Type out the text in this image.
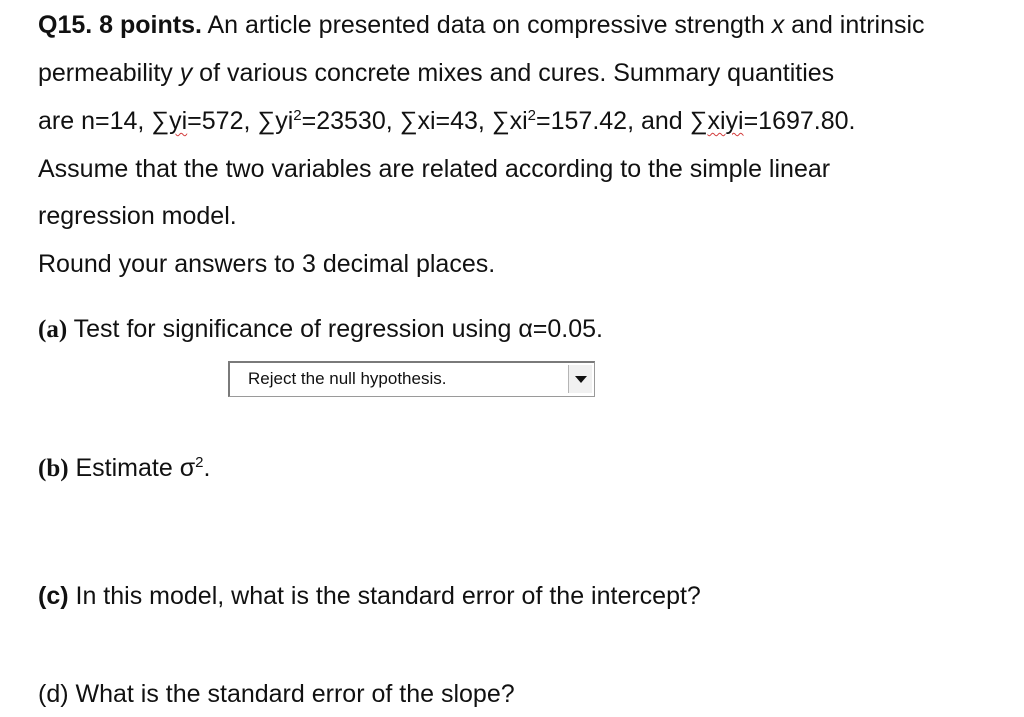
Q15. 8 points. An article presented data on compressive strength x and intrinsic
permeability y of various concrete mixes and cures. Summary quantities
are n=14, ∑yi=572, $\sum yi^2=23530$, ∑xi=43, $\sum xi^2=157.42$, and ∑xiyi=1697.80.
Assume that the two variables are related according to the simple linear
regression model.
Round your answers to 3 decimal places.
(a) Test for significance of regression using α=0.05.
Reject the null hypothesis.
(b) Estimate $\sigma^2$.
(c) In this model, what is the standard error of the intercept?
(d) What is the standard error of the slope?
